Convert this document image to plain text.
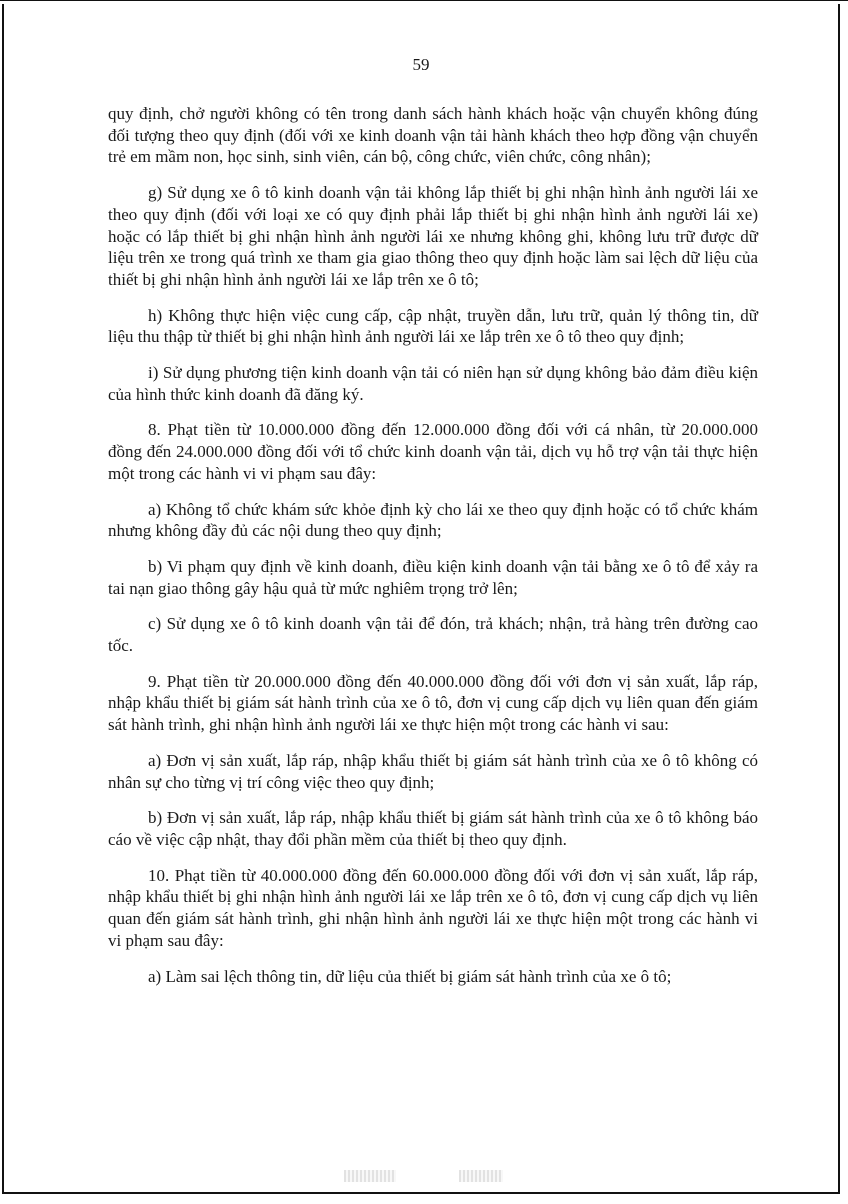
59

quy định, chở người không có tên trong danh sách hành khách hoặc vận chuyển không đúng đối tượng theo quy định (đối với xe kinh doanh vận tải hành khách theo hợp đồng vận chuyển trẻ em mầm non, học sinh, sinh viên, cán bộ, công chức, viên chức, công nhân);

g) Sử dụng xe ô tô kinh doanh vận tải không lắp thiết bị ghi nhận hình ảnh người lái xe theo quy định (đối với loại xe có quy định phải lắp thiết bị ghi nhận hình ảnh người lái xe) hoặc có lắp thiết bị ghi nhận hình ảnh người lái xe nhưng không ghi, không lưu trữ được dữ liệu trên xe trong quá trình xe tham gia giao thông theo quy định hoặc làm sai lệch dữ liệu của thiết bị ghi nhận hình ảnh người lái xe lắp trên xe ô tô;

h) Không thực hiện việc cung cấp, cập nhật, truyền dẫn, lưu trữ, quản lý thông tin, dữ liệu thu thập từ thiết bị ghi nhận hình ảnh người lái xe lắp trên xe ô tô theo quy định;

i) Sử dụng phương tiện kinh doanh vận tải có niên hạn sử dụng không bảo đảm điều kiện của hình thức kinh doanh đã đăng ký.

8. Phạt tiền từ 10.000.000 đồng đến 12.000.000 đồng đối với cá nhân, từ 20.000.000 đồng đến 24.000.000 đồng đối với tổ chức kinh doanh vận tải, dịch vụ hỗ trợ vận tải thực hiện một trong các hành vi vi phạm sau đây:

a) Không tổ chức khám sức khỏe định kỳ cho lái xe theo quy định hoặc có tổ chức khám nhưng không đầy đủ các nội dung theo quy định;

b) Vi phạm quy định về kinh doanh, điều kiện kinh doanh vận tải bằng xe ô tô để xảy ra tai nạn giao thông gây hậu quả từ mức nghiêm trọng trở lên;

c) Sử dụng xe ô tô kinh doanh vận tải để đón, trả khách; nhận, trả hàng trên đường cao tốc.

9. Phạt tiền từ 20.000.000 đồng đến 40.000.000 đồng đối với đơn vị sản xuất, lắp ráp, nhập khẩu thiết bị giám sát hành trình của xe ô tô, đơn vị cung cấp dịch vụ liên quan đến giám sát hành trình, ghi nhận hình ảnh người lái xe thực hiện một trong các hành vi sau:

a) Đơn vị sản xuất, lắp ráp, nhập khẩu thiết bị giám sát hành trình của xe ô tô không có nhân sự cho từng vị trí công việc theo quy định;

b) Đơn vị sản xuất, lắp ráp, nhập khẩu thiết bị giám sát hành trình của xe ô tô không báo cáo về việc cập nhật, thay đổi phần mềm của thiết bị theo quy định.

10. Phạt tiền từ 40.000.000 đồng đến 60.000.000 đồng đối với đơn vị sản xuất, lắp ráp, nhập khẩu thiết bị ghi nhận hình ảnh người lái xe lắp trên xe ô tô, đơn vị cung cấp dịch vụ liên quan đến giám sát hành trình, ghi nhận hình ảnh người lái xe thực hiện một trong các hành vi vi phạm sau đây:

a) Làm sai lệch thông tin, dữ liệu của thiết bị giám sát hành trình của xe ô tô;
